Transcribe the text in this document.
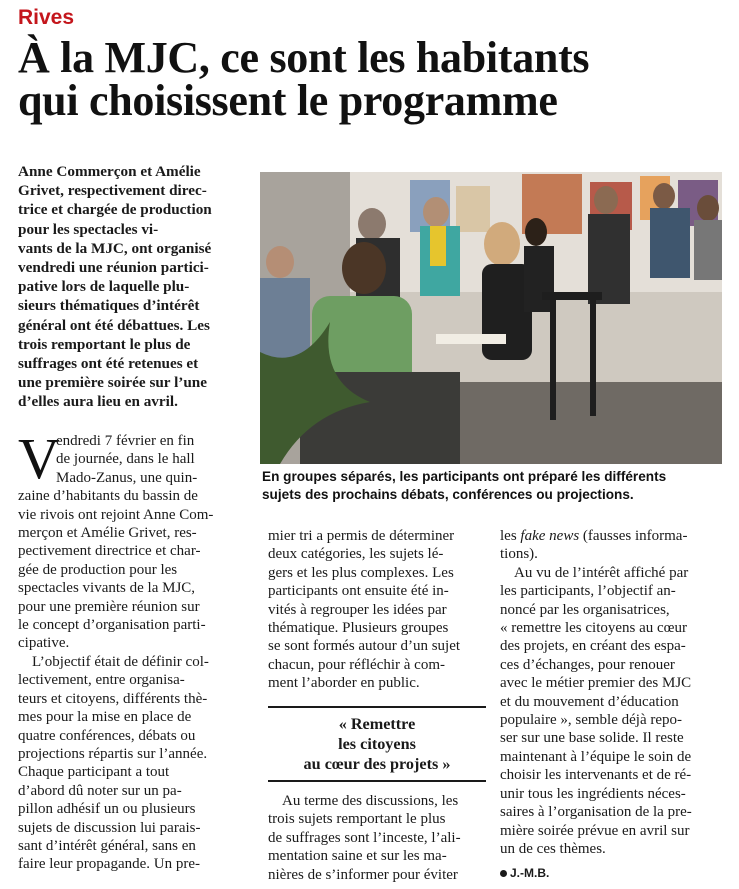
Rives
À la MJC, ce sont les habitants
qui choisissent le programme
Anne Commerçon et Amélie
Grivet, respectivement direc-
trice et chargée de production
pour les spectacles vi-
vants de la MJC, ont organisé
vendredi une réunion partici-
pative lors de laquelle plu-
sieurs thématiques d’intérêt
général ont été débattues. Les
trois remportant le plus de
suffrages ont été retenues et
une première soirée sur l’une
d’elles aura lieu en avril.
En groupes séparés, les participants ont préparé les différents
sujets des prochains débats, conférences ou projections.
V
endredi 7 février en fin
de journée, dans le hall
Mado-Zanus, une quin-
zaine d’habitants du bassin de
vie rivois ont rejoint Anne Com-
merçon et Amélie Grivet, res-
pectivement directrice et char-
gée de production pour les
spectacles vivants de la MJC,
pour une première réunion sur
le concept d’organisation parti-
cipative.
L’objectif était de définir col-
lectivement, entre organisa-
teurs et citoyens, différents thè-
mes pour la mise en place de
quatre conférences, débats ou
projections répartis sur l’année.
Chaque participant a tout
d’abord dû noter sur un pa-
pillon adhésif un ou plusieurs
sujets de discussion lui parais-
sant d’intérêt général, sans en
faire leur propagande. Un pre-
mier tri a permis de déterminer
deux catégories, les sujets lé-
gers et les plus complexes. Les
participants ont ensuite été in-
vités à regrouper les idées par
thématique. Plusieurs groupes
se sont formés autour d’un sujet
chacun, pour réfléchir à com-
ment l’aborder en public.
« Remettre
les citoyens
au cœur des projets »
Au terme des discussions, les
trois sujets remportant le plus
de suffrages sont l’inceste, l’ali-
mentation saine et sur les ma-
nières de s’informer pour éviter
les fake news (fausses informa-
tions).
Au vu de l’intérêt affiché par
les participants, l’objectif an-
noncé par les organisatrices,
« remettre les citoyens au cœur
des projets, en créant des espa-
ces d’échanges, pour renouer
avec le métier premier des MJC
et du mouvement d’éducation
populaire », semble déjà repo-
ser sur une base solide. Il reste
maintenant à l’équipe le soin de
choisir les intervenants et de ré-
unir tous les ingrédients néces-
saires à l’organisation de la pre-
mière soirée prévue en avril sur
un de ces thèmes.
J.-M.B.
